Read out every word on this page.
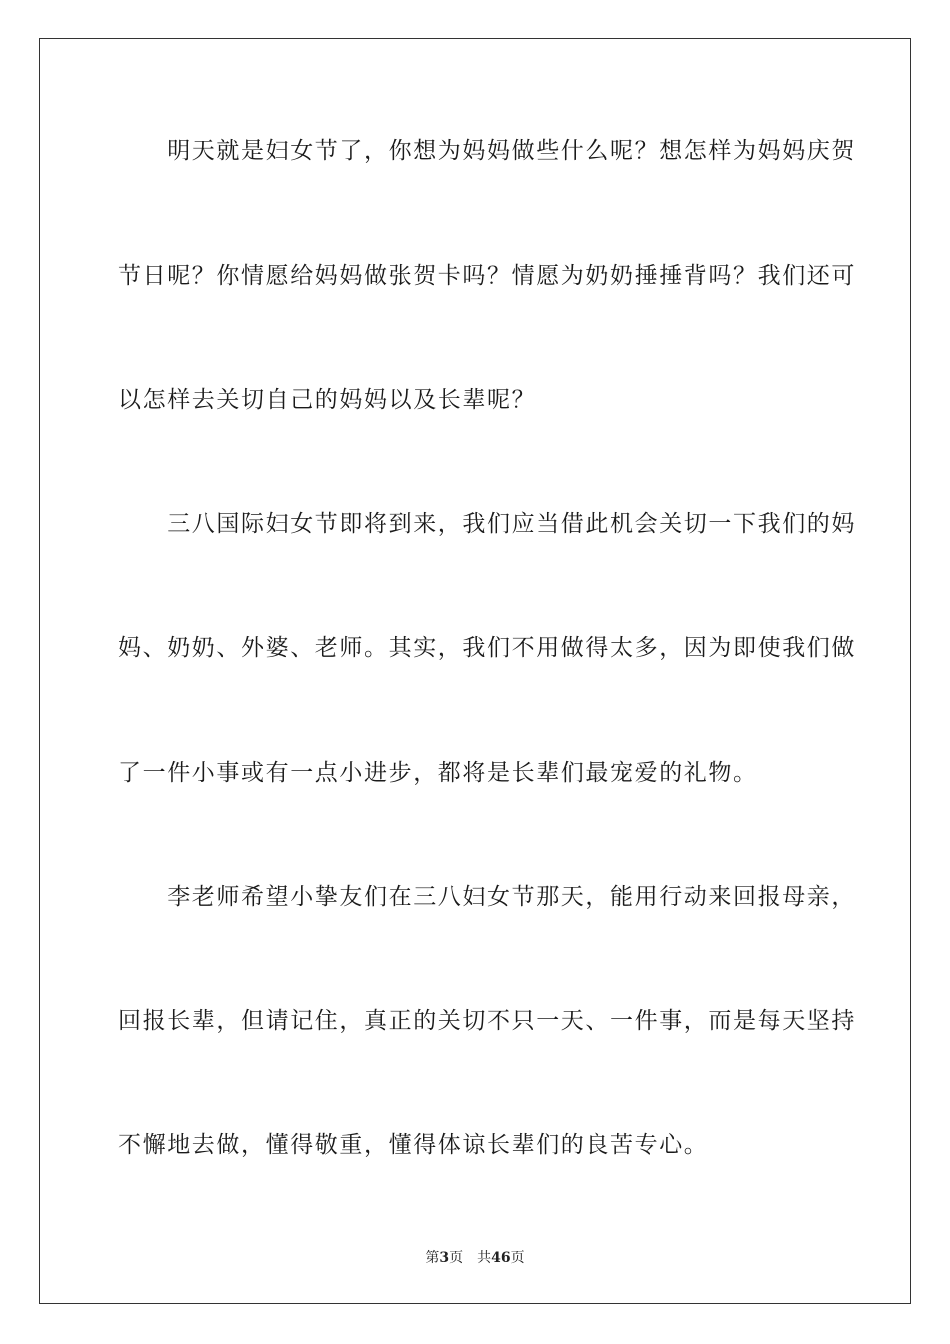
　　明天就是妇女节了，你想为妈妈做些什么呢？想怎样为妈妈庆贺
节日呢？你情愿给妈妈做张贺卡吗？情愿为奶奶捶捶背吗？我们还可
以怎样去关切自己的妈妈以及长辈呢？
　　三八国际妇女节即将到来，我们应当借此机会关切一下我们的妈
妈、奶奶、外婆、老师。其实，我们不用做得太多，因为即使我们做
了一件小事或有一点小进步，都将是长辈们最宠爱的礼物。
　　李老师希望小挚友们在三八妇女节那天，能用行动来回报母亲，
回报长辈，但请记住，真正的关切不只一天、一件事，而是每天坚持
不懈地去做，懂得敬重，懂得体谅长辈们的良苦专心。
第3页 共46页
